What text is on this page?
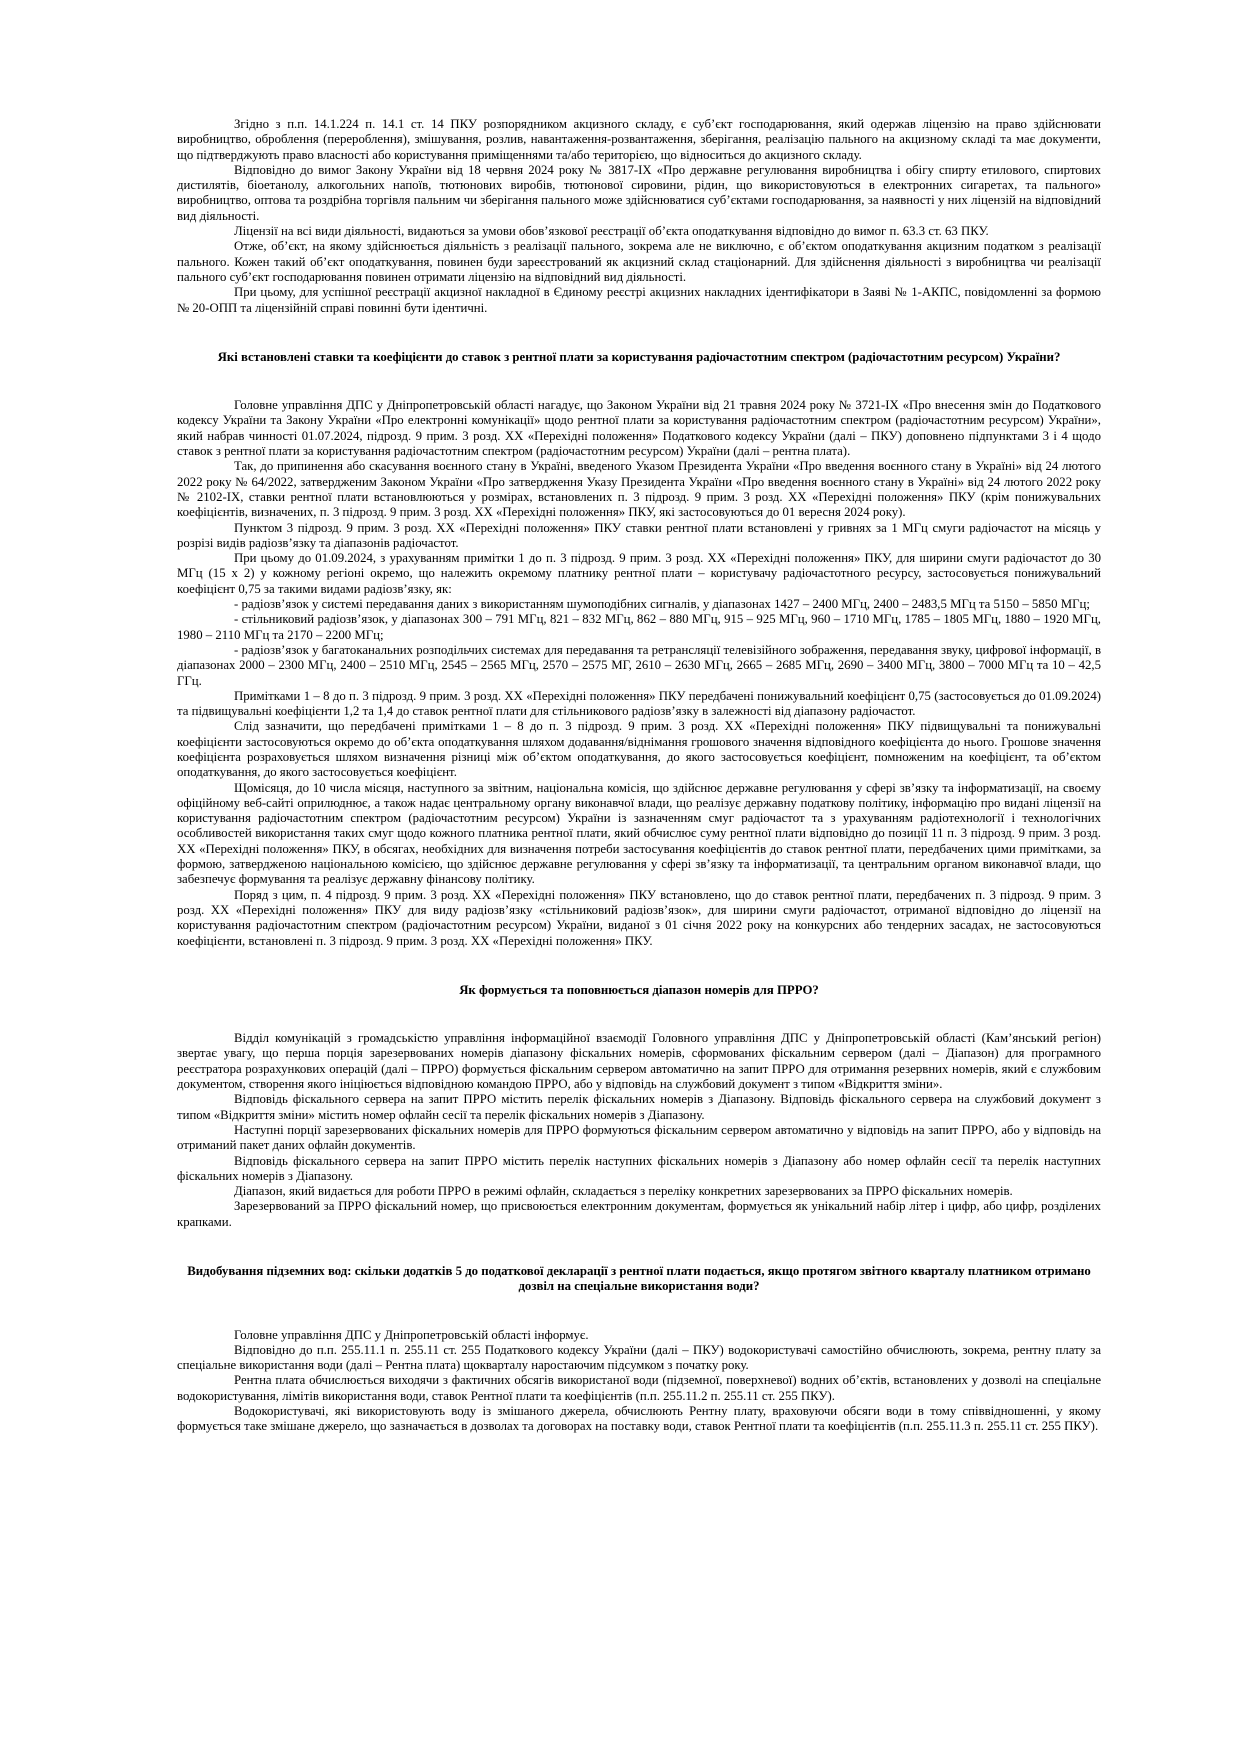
Згідно з п.п. 14.1.224 п. 14.1 ст. 14 ПКУ розпорядником акцизного складу, є суб’єкт господарювання, який одержав ліцензію на право здійснювати виробництво, оброблення (перероблення), змішування, розлив, навантаження-розвантаження, зберігання, реалізацію пального на акцизному складі та має документи, що підтверджують право власності або користування приміщеннями та/або територією, що відноситься до акцизного складу.

Відповідно до вимог Закону України від 18 червня 2024 року № 3817-IX «Про державне регулювання виробництва і обігу спирту етилового, спиртових дистилятів, біоетанолу, алкогольних напоїв, тютюнових виробів, тютюнової сировини, рідин, що використовуються в електронних сигаретах, та пального» виробництво, оптова та роздрібна торгівля пальним чи зберігання пального може здійснюватися суб’єктами господарювання, за наявності у них ліцензій на відповідний вид діяльності.

Ліцензії на всі види діяльності, видаються за умови обов’язкової реєстрації об’єкта оподаткування відповідно до вимог п. 63.3 ст. 63 ПКУ.

Отже, об’єкт, на якому здійснюється діяльність з реалізації пального, зокрема але не виключно, є об’єктом оподаткування акцизним податком з реалізації пального. Кожен такий об’єкт оподаткування, повинен буди зареєстрований як акцизний склад стаціонарний. Для здійснення діяльності з виробництва чи реалізації пального суб’єкт господарювання повинен отримати ліцензію на відповідний вид діяльності.

При цьому, для успішної реєстрації акцизної накладної в Єдиному реєстрі акцизних накладних ідентифікатори в Заяві № 1-АКПС, повідомленні за формою № 20-ОПП та ліцензійній справі повинні бути ідентичні.

Які встановлені ставки та коефіцієнти до ставок з рентної плати за користування радіочастотним спектром (радіочастотним ресурсом) України?

Головне управління ДПС у Дніпропетровській області нагадує, що Законом України від 21 травня 2024 року № 3721-IX «Про внесення змін до Податкового кодексу України та Закону України «Про електронні комунікації» щодо рентної плати за користування радіочастотним спектром (радіочастотним ресурсом) України», який набрав чинності 01.07.2024, підрозд. 9 прим. 3 розд. ХХ «Перехідні положення» Податкового кодексу України (далі – ПКУ) доповнено підпунктами 3 і 4 щодо ставок з рентної плати за користування радіочастотним спектром (радіочастотним ресурсом) України (далі – рентна плата).

Так, до припинення або скасування воєнного стану в Україні, введеного Указом Президента України «Про введення воєнного стану в Україні» від 24 лютого 2022 року № 64/2022, затвердженим Законом України «Про затвердження Указу Президента України «Про введення воєнного стану в Україні» від 24 лютого 2022 року № 2102-IX, ставки рентної плати встановлюються у розмірах, встановлених п. 3 підрозд. 9 прим. 3 розд. ХХ «Перехідні положення» ПКУ (крім понижувальних коефіцієнтів, визначених, п. 3 підрозд. 9 прим. 3 розд. ХХ «Перехідні положення» ПКУ, які застосовуються до 01 вересня 2024 року).

Пунктом 3 підрозд. 9 прим. 3 розд. ХХ «Перехідні положення» ПКУ ставки рентної плати встановлені у гривнях за 1 МГц смуги радіочастот на місяць у розрізі видів радіозв’язку та діапазонів радіочастот.

При цьому до 01.09.2024, з урахуванням примітки 1 до п. 3 підрозд. 9 прим. 3 розд. ХХ «Перехідні положення» ПКУ, для ширини смуги радіочастот до 30 МГц (15 х 2) у кожному регіоні окремо, що належить окремому платнику рентної плати – користувачу радіочастотного ресурсу, застосовується понижувальний коефіцієнт 0,75 за такими видами радіозв’язку, як:

- радіозв’язок у системі передавання даних з використанням шумоподібних сигналів, у діапазонах 1427 – 2400 МГц, 2400 – 2483,5 МГц та 5150 – 5850 МГц;

- стільниковий радіозв’язок, у діапазонах 300 – 791 МГц, 821 – 832 МГц, 862 – 880 МГц, 915 – 925 МГц, 960 – 1710 МГц, 1785 – 1805 МГц, 1880 – 1920 МГц, 1980 – 2110 МГц та 2170 – 2200 МГц;

- радіозв’язок у багатоканальних розподільчих системах для передавання та ретрансляції телевізійного зображення, передавання звуку, цифрової інформації, в діапазонах 2000 – 2300 МГц, 2400 – 2510 МГц, 2545 – 2565 МГц, 2570 – 2575 МГ, 2610 – 2630 МГц, 2665 – 2685 МГц, 2690 – 3400 МГц, 3800 – 7000 МГц та 10 – 42,5 ГГц.

Примітками 1 – 8 до п. 3 підрозд. 9 прим. 3 розд. ХХ «Перехідні положення» ПКУ передбачені понижувальний коефіцієнт 0,75 (застосовується до 01.09.2024) та підвищувальні коефіцієнти 1,2 та 1,4 до ставок рентної плати для стільникового радіозв’язку в залежності від діапазону радіочастот.

Слід зазначити, що передбачені примітками 1 – 8 до п. 3 підрозд. 9 прим. 3 розд. ХХ «Перехідні положення» ПКУ підвищувальні та понижувальні коефіцієнти застосовуються окремо до об’єкта оподаткування шляхом додавання/віднімання грошового значення відповідного коефіцієнта до нього. Грошове значення коефіцієнта розраховується шляхом визначення різниці між об’єктом оподаткування, до якого застосовується коефіцієнт, помноженим на коефіцієнт, та об’єктом оподаткування, до якого застосовується коефіцієнт.

Щомісяця, до 10 числа місяця, наступного за звітним, національна комісія, що здійснює державне регулювання у сфері зв’язку та інформатизації, на своєму офіційному веб-сайті оприлюднює, а також надає центральному органу виконавчої влади, що реалізує державну податкову політику, інформацію про видані ліцензії на користування радіочастотним спектром (радіочастотним ресурсом) України із зазначенням смуг радіочастот та з урахуванням радіотехнології і технологічних особливостей використання таких смуг щодо кожного платника рентної плати, який обчислює суму рентної плати відповідно до позиції 11 п. 3 підрозд. 9 прим. 3 розд. ХХ «Перехідні положення» ПКУ, в обсягах, необхідних для визначення потреби застосування коефіцієнтів до ставок рентної плати, передбачених цими примітками, за формою, затвердженою національною комісією, що здійснює державне регулювання у сфері зв’язку та інформатизації, та центральним органом виконавчої влади, що забезпечує формування та реалізує державну фінансову політику.

Поряд з цим, п. 4 підрозд. 9 прим. 3 розд. ХХ «Перехідні положення» ПКУ встановлено, що до ставок рентної плати, передбачених п. 3 підрозд. 9 прим. 3 розд. ХХ «Перехідні положення» ПКУ для виду радіозв’язку «стільниковий радіозв’язок», для ширини смуги радіочастот, отриманої відповідно до ліцензії на користування радіочастотним спектром (радіочастотним ресурсом) України, виданої з 01 січня 2022 року на конкурсних або тендерних засадах, не застосовуються коефіцієнти, встановлені п. 3 підрозд. 9 прим. 3 розд. ХХ «Перехідні положення» ПКУ.

Як формується та поповнюється діапазон номерів для ПРРО?

Відділ комунікацій з громадськістю управління інформаційної взаємодії Головного управління ДПС у Дніпропетровській області (Кам’янський регіон) звертає увагу, що перша порція зарезервованих номерів діапазону фіскальних номерів, сформованих фіскальним сервером (далі – Діапазон) для програмного реєстратора розрахункових операцій (далі – ПРРО) формується фіскальним сервером автоматично на запит ПРРО для отримання резервних номерів, який є службовим документом, створення якого ініціюється відповідною командою ПРРО, або у відповідь на службовий документ з типом «Відкриття зміни».

Відповідь фіскального сервера на запит ПРРО містить перелік фіскальних номерів з Діапазону. Відповідь фіскального сервера на службовий документ з типом «Відкриття зміни» містить номер офлайн сесії та перелік фіскальних номерів з Діапазону.

Наступні порції зарезервованих фіскальних номерів для ПРРО формуються фіскальним сервером автоматично у відповідь на запит ПРРО, або у відповідь на отриманий пакет даних офлайн документів.

Відповідь фіскального сервера на запит ПРРО містить перелік наступних фіскальних номерів з Діапазону або номер офлайн сесії та перелік наступних фіскальних номерів з Діапазону.

Діапазон, який видається для роботи ПРРО в режимі офлайн, складається з переліку конкретних зарезервованих за ПРРО фіскальних номерів.

Зарезервований за ПРРО фіскальний номер, що присвоюється електронним документам, формується як унікальний набір літер і цифр, або цифр, розділених крапками.

Видобування підземних вод: скільки додатків 5 до податкової декларації з рентної плати подається, якщо протягом звітного кварталу платником отримано дозвіл на спеціальне використання води?

Головне управління ДПС у Дніпропетровській області інформує.

Відповідно до п.п. 255.11.1 п. 255.11 ст. 255 Податкового кодексу України (далі – ПКУ) водокористувачі самостійно обчислюють, зокрема, рентну плату за спеціальне використання води (далі – Рентна плата) щокварталу наростаючим підсумком з початку року.

Рентна плата обчислюється виходячи з фактичних обсягів використаної води (підземної, поверхневої) водних об’єктів, встановлених у дозволі на спеціальне водокористування, лімітів використання води, ставок Рентної плати та коефіцієнтів (п.п. 255.11.2 п. 255.11 ст. 255 ПКУ).

Водокористувачі, які використовують воду із змішаного джерела, обчислюють Рентну плату, враховуючи обсяги води в тому співвідношенні, у якому формується таке змішане джерело, що зазначається в дозволах та договорах на поставку води, ставок Рентної плати та коефіцієнтів (п.п. 255.11.3 п. 255.11 ст. 255 ПКУ).
